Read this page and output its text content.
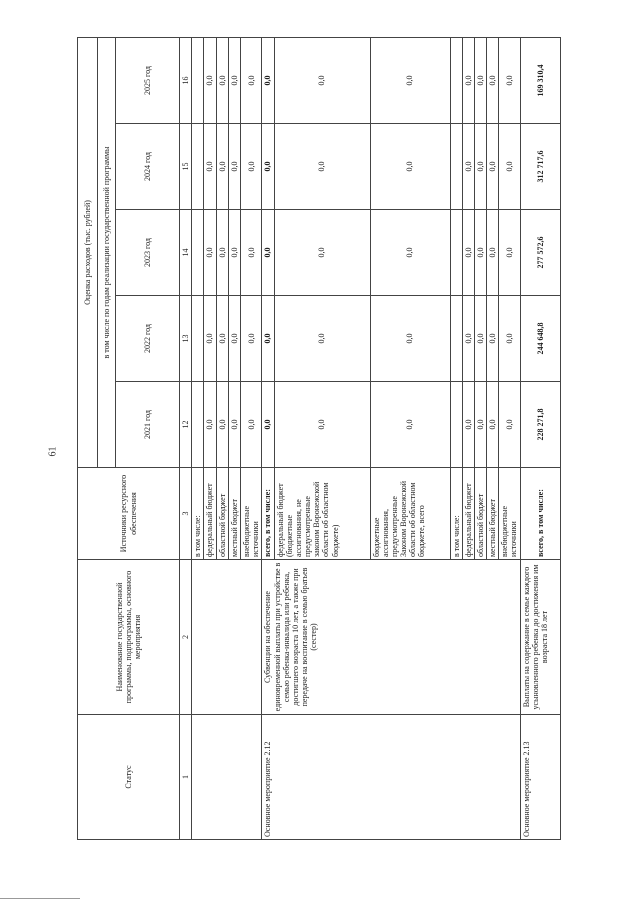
61
Статус	Наименование государственной программы, подпрограммы, основного мероприятия	Источники ресурсного обеспечения	Оценка расходов (тыс. рублей)				
			в том числе по годам реализации государственной программы				
			2021 год	2022 год	2023 год	2024 год	2025 год
1	2	3	12	13	14	15	16
		в том числе:					
		федеральный бюджет	0,0	0,0	0,0	0,0	0,0
		областной бюджет	0,0	0,0	0,0	0,0	0,0
		местный бюджет	0,0	0,0	0,0	0,0	0,0
		внебюджетные источники	0,0	0,0	0,0	0,0	0,0
Основное мероприятие 2.12	Субвенции на обеспечение единовременной выплаты при устройстве в семью ребенка-инвалида или ребенка, достигшего возраста 10 лет, а также при передаче на воспитание в семью братьев (сестер)	всего, в том числе:	0,0	0,0	0,0	0,0	0,0
		федеральный бюджет (бюджетные ассигнования, не предусмотренные законом Воронежской области об областном бюджете)	0,0	0,0	0,0	0,0	0,0
		бюджетные ассигнования, предусмотренные Законом Воронежской области об областном бюджете, всего	0,0	0,0	0,0	0,0	0,0
		в том числе:					
		федеральный бюджет	0,0	0,0	0,0	0,0	0,0
		областной бюджет	0,0	0,0	0,0	0,0	0,0
		местный бюджет	0,0	0,0	0,0	0,0	0,0
		внебюджетные источники	0,0	0,0	0,0	0,0	0,0
Основное мероприятие 2.13	Выплаты на содержание в семье каждого усыновленного ребенка до достижения им возраста 18 лет	всего, в том числе:	228 271,8	244 648,8	277 572,6	312 717,6	169 310,4
